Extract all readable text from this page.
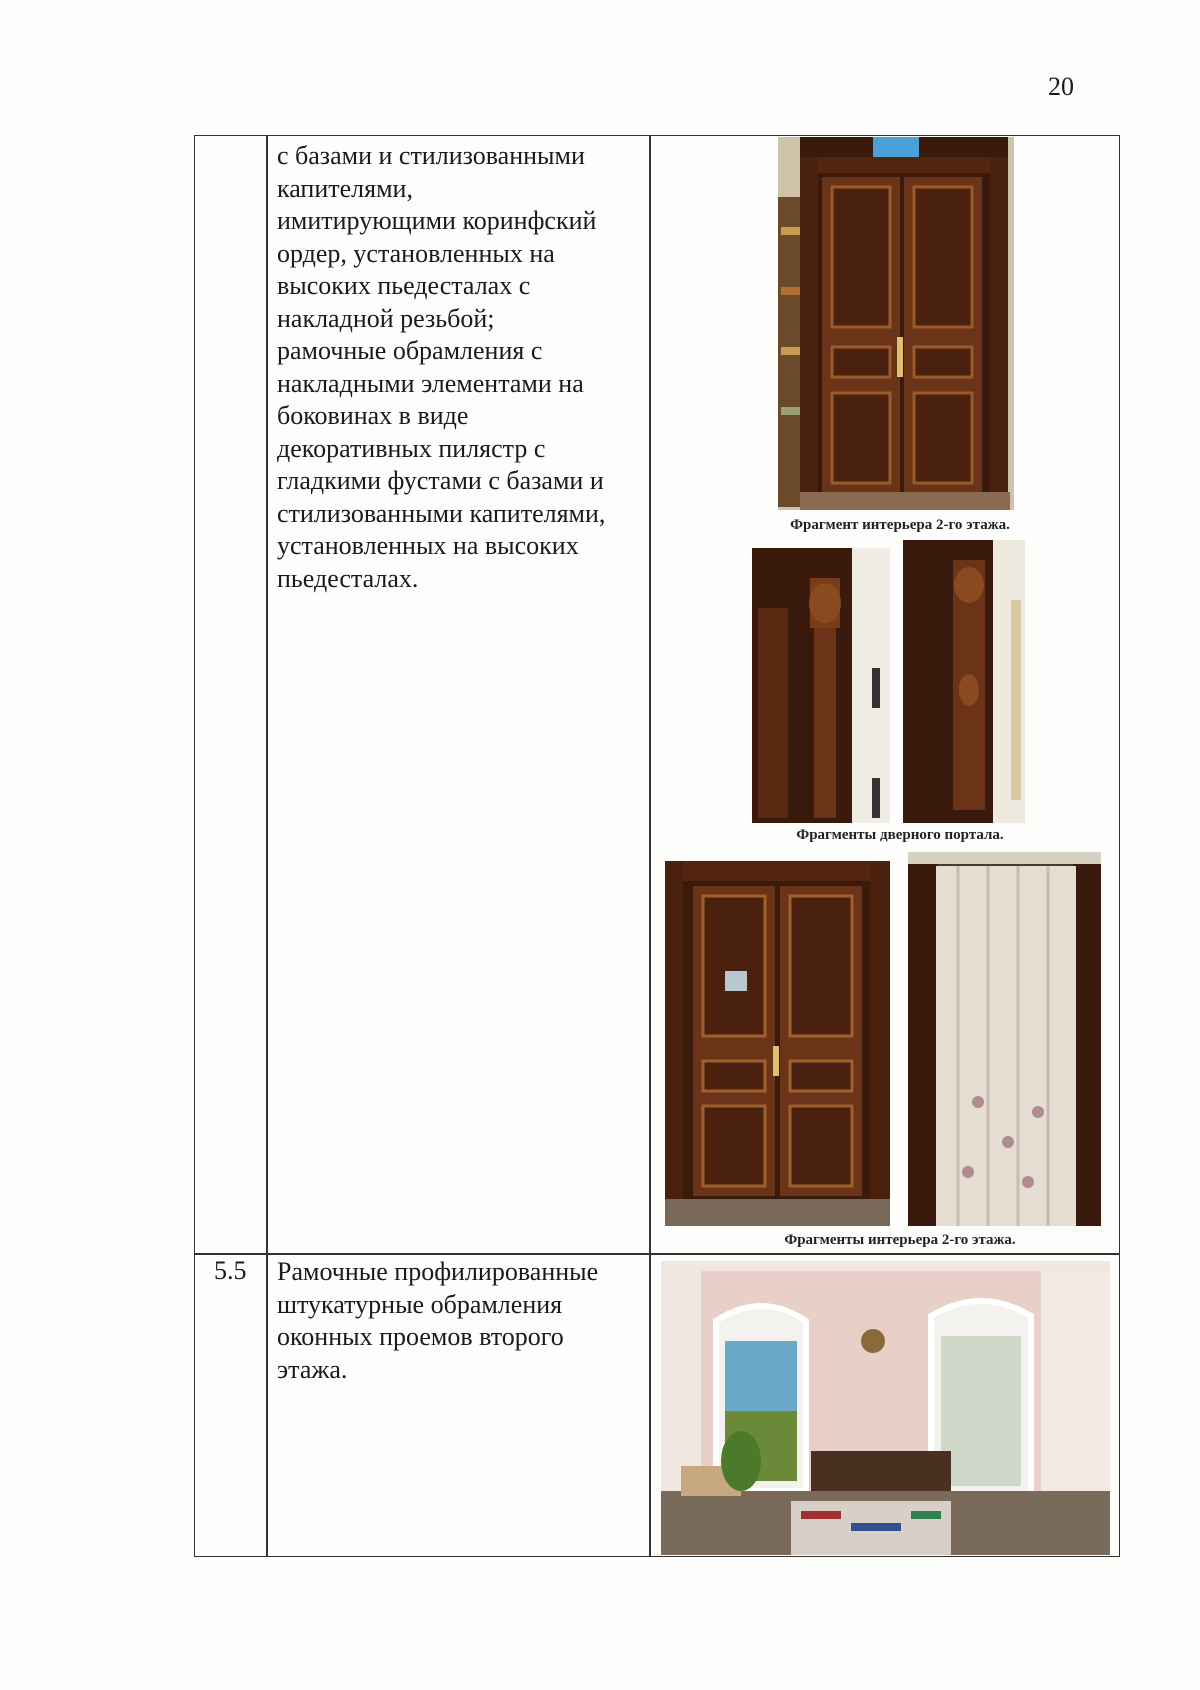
20
с базами и стилизованными
капителями,
имитирующими коринфский
ордер, установленных на
высоких пьедесталах с
накладной резьбой;
рамочные обрамления с
накладными элементами на
боковинах в виде
декоративных пилястр с
гладкими фустами с базами и
стилизованными капителями,
установленных на высоких
пьедесталах.
Фрагмент интерьера 2-го этажа.
Фрагменты дверного портала.
Фрагменты интерьера 2-го этажа.
5.5 Рамочные профилированные
штукатурные обрамления
оконных проемов второго
этажа.
